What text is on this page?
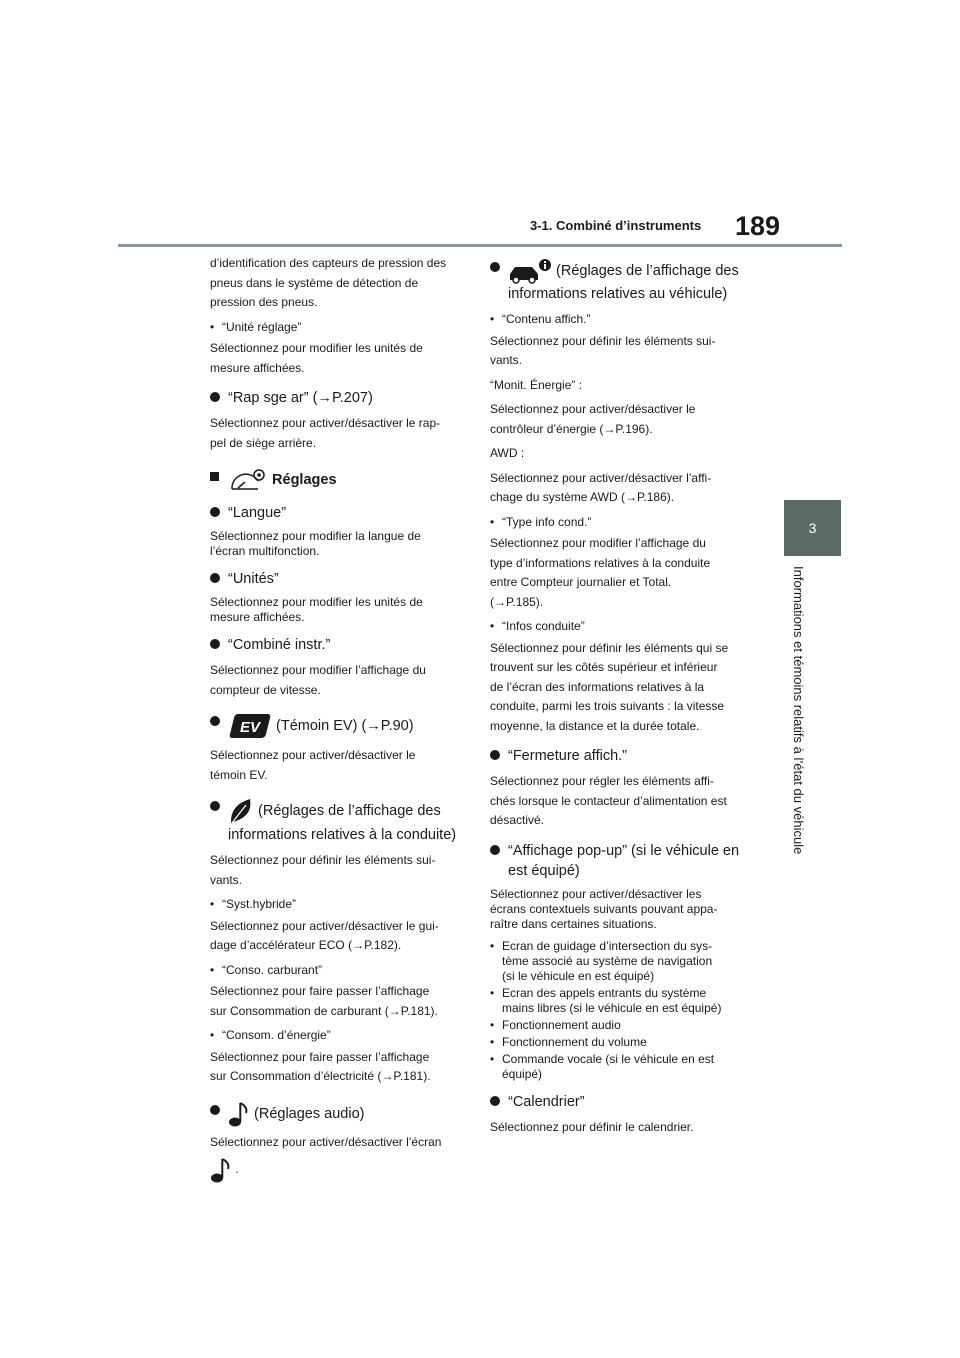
3-1. Combiné d’instruments 189
3
Informations et témoins relatifs à l’état du véhicule

d’identification des capteurs de pression des
pneus dans le système de détection de
pression des pneus.

• “Unité réglage”

Sélectionnez pour modifier les unités de
mesure affichées.

“Rap sge ar” (→P.207)

Sélectionnez pour activer/désactiver le rap-
pel de siège arrière.

Réglages
“Langue”

Sélectionnez pour modifier la langue de
l’écran multifonction.

“Unités”

Sélectionnez pour modifier les unités de
mesure affichées.

“Combiné instr.”

Sélectionnez pour modifier l’affichage du
compteur de vitesse.

EV (Témoin EV) (→P.90)

Sélectionnez pour activer/désactiver le
témoin EV.

(Réglages de l’affichage des
informations relatives à la conduite)

Sélectionnez pour définir les éléments sui-
vants.

• “Syst.hybride”

Sélectionnez pour activer/désactiver le gui-
dage d’accélérateur ECO (→P.182).

• “Conso. carburant”

Sélectionnez pour faire passer l’affichage
sur Consommation de carburant (→P.181).

• “Consom. d’énergie”

Sélectionnez pour faire passer l’affichage
sur Consommation d’électricité (→P.181).

(Réglages audio)

Sélectionnez pour activer/désactiver l’écran

.

(Réglages de l’affichage des
informations relatives au véhicule)
• “Contenu affich.”

Sélectionnez pour définir les éléments sui-
vants.

“Monit. Énergie” :

Sélectionnez pour activer/désactiver le
contrôleur d’énergie (→P.196).

AWD :

Sélectionnez pour activer/désactiver l’affi-
chage du système AWD (→P.186).

• “Type info cond.”

Sélectionnez pour modifier l’affichage du
type d’informations relatives à la conduite
entre Compteur journalier et Total.
(→P.185).

• “Infos conduite”

Sélectionnez pour définir les éléments qui se
trouvent sur les côtés supérieur et inférieur
de l’écran des informations relatives à la
conduite, parmi les trois suivants : la vitesse
moyenne, la distance et la durée totale.

“Fermeture affich.”

Sélectionnez pour régler les éléments affi-
chés lorsque le contacteur d’alimentation est
désactivé.

“Affichage pop-up” (si le véhicule en
est équipé)

Sélectionnez pour activer/désactiver les
écrans contextuels suivants pouvant appa-
raître dans certaines situations.

• Ecran de guidage d’intersection du sys-
tème associé au système de navigation
(si le véhicule en est équipé)
• Ecran des appels entrants du système
mains libres (si le véhicule en est équipé)
• Fonctionnement audio
• Fonctionnement du volume
• Commande vocale (si le véhicule en est
équipé)
“Calendrier”

Sélectionnez pour définir le calendrier.
